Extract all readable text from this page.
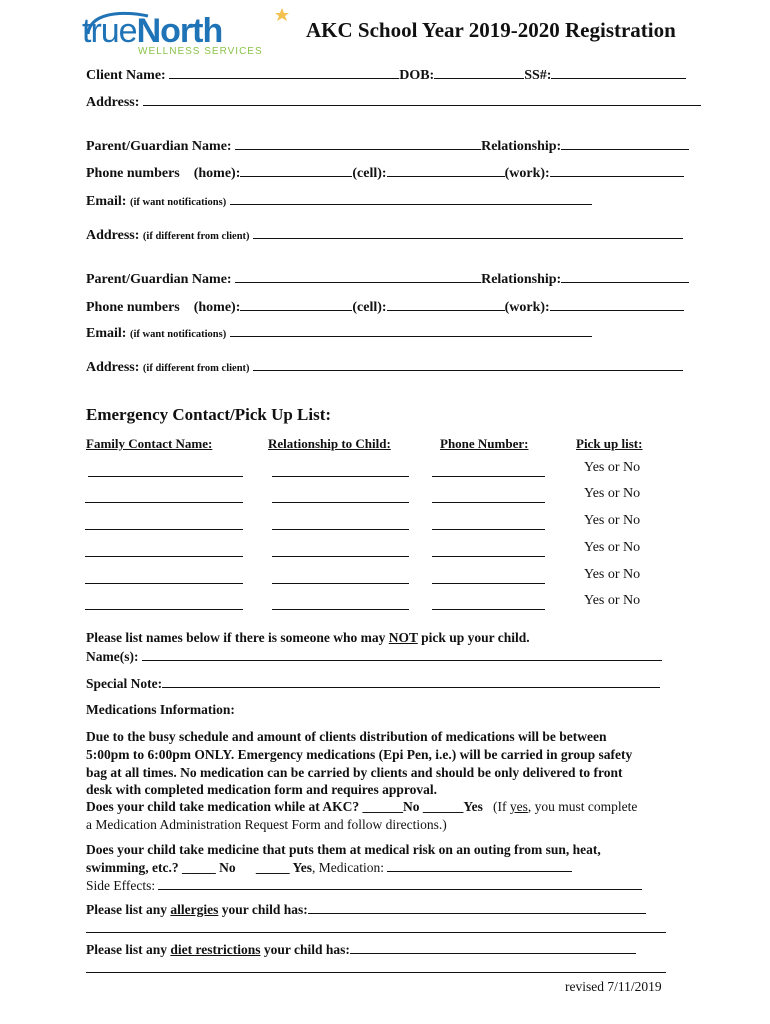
trueNorth
WELLNESS SERVICES
AKC School Year 2019-2020 Registration
Client Name:	DOB:	SS#:
Address:
Parent/Guardian Name:	Relationship:
Phone numbers (home):	(cell):	(work):
Email: (if want notifications)
Address: (if different from client)
Parent/Guardian Name:	Relationship:
Phone numbers (home):	(cell):	(work):
Email: (if want notifications)
Address: (if different from client)
Emergency Contact/Pick Up List:
Family Contact Name:	Relationship to Child:	Phone Number:	Pick up list:
Yes or No
Yes or No
Yes or No
Yes or No
Yes or No
Yes or No
Please list names below if there is someone who may NOT pick up your child.
Name(s):
Special Note:
Medications Information:
Due to the busy schedule and amount of clients distribution of medications will be between
5:00pm to 6:00pm ONLY. Emergency medications (Epi Pen, i.e.) will be carried in group safety
bag at all times. No medication can be carried by clients and should be only delivered to front
desk with completed medication form and requires approval.
Does your child take medication while at AKC? ______No ______Yes (If yes, you must complete
a Medication Administration Request Form and follow directions.)
Does your child take medicine that puts them at medical risk on an outing from sun, heat,
swimming, etc.? _____ No _____ Yes, Medication:
Side Effects:
Please list any allergies your child has:
Please list any diet restrictions your child has:
revised 7/11/2019
